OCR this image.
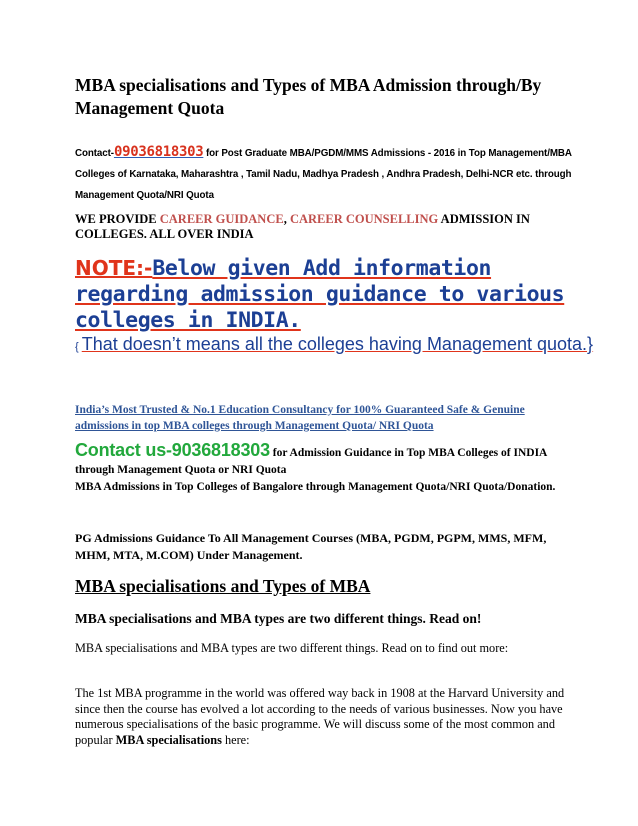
MBA specialisations and Types of MBA Admission through/By Management Quota
Contact-09036818303 for Post Graduate MBA/PGDM/MMS Admissions - 2016 in Top Management/MBA Colleges of Karnataka, Maharashtra , Tamil Nadu, Madhya Pradesh , Andhra Pradesh, Delhi-NCR etc. through Management Quota/NRI Quota
WE PROVIDE CAREER GUIDANCE, CAREER COUNSELLING ADMISSION IN COLLEGES. ALL OVER INDIA
NOTE:-Below given Add information regarding admission guidance to various colleges in INDIA.
{ That doesn’t means all the colleges having Management quota.}
India’s Most Trusted & No.1 Education Consultancy for 100% Guaranteed Safe & Genuine admissions in top MBA colleges through Management Quota/ NRI Quota
Contact us-9036818303 for Admission Guidance in Top MBA Colleges of INDIA through Management Quota or NRI Quota
MBA Admissions in Top Colleges of Bangalore through Management Quota/NRI Quota/Donation.
PG Admissions Guidance To All Management Courses (MBA, PGDM, PGPM, MMS, MFM, MHM, MTA, M.COM) Under Management.
MBA specialisations and Types of MBA
MBA specialisations and MBA types are two different things. Read on!
MBA specialisations and MBA types are two different things. Read on to find out more:
The 1st MBA programme in the world was offered way back in 1908 at the Harvard University and since then the course has evolved a lot according to the needs of various businesses. Now you have numerous specialisations of the basic programme. We will discuss some of the most common and popular MBA specialisations here:
